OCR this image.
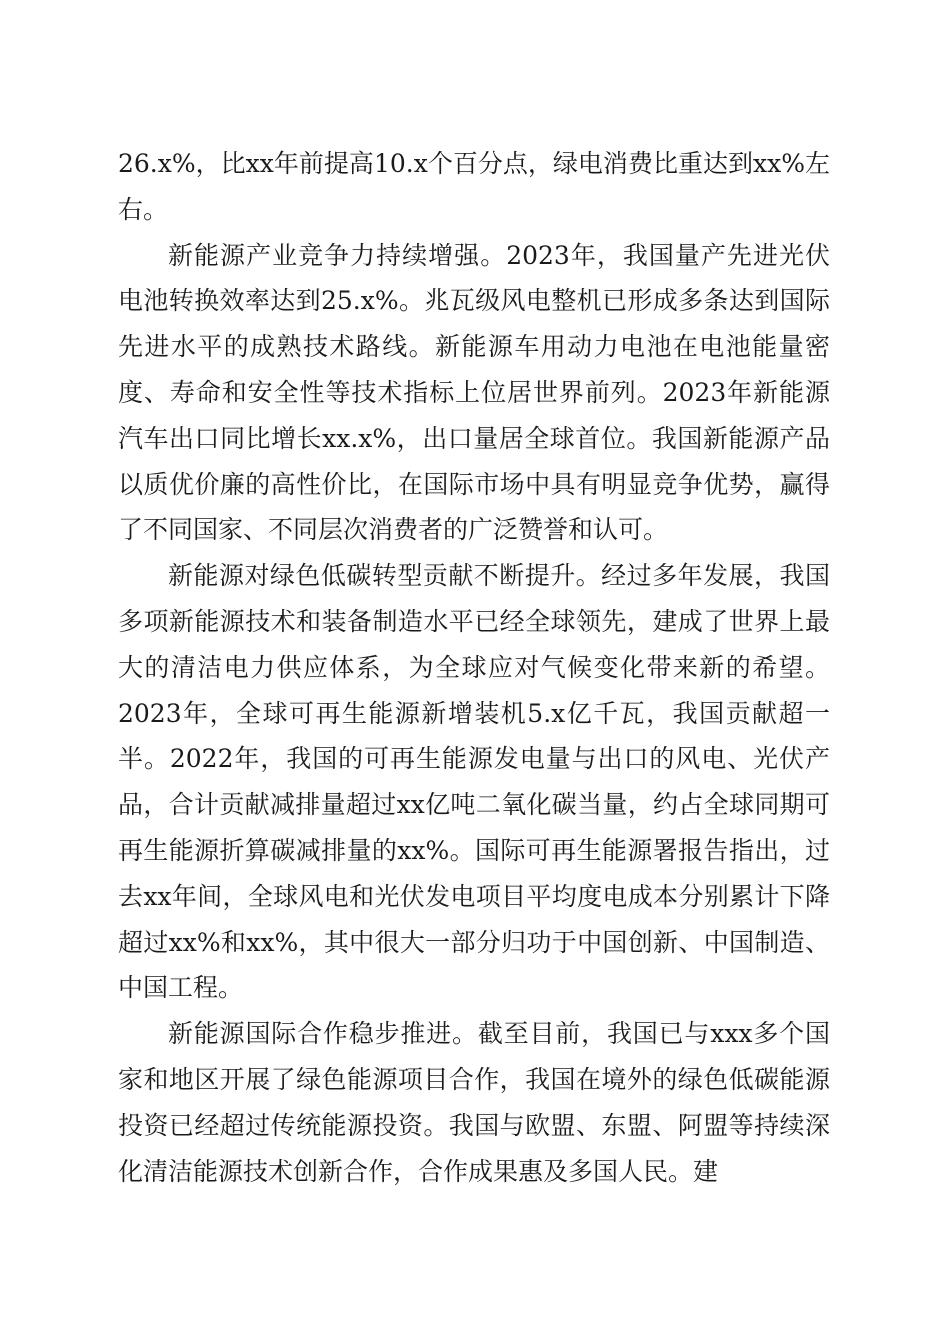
26.x%，比xx年前提高10.x个百分点，绿电消费比重达到xx%左右。

新能源产业竞争力持续增强。2023年，我国量产先进光伏电池转换效率达到25.x%。兆瓦级风电整机已形成多条达到国际先进水平的成熟技术路线。新能源车用动力电池在电池能量密度、寿命和安全性等技术指标上位居世界前列。2023年新能源汽车出口同比增长xx.x%，出口量居全球首位。我国新能源产品以质优价廉的高性价比，在国际市场中具有明显竞争优势，赢得了不同国家、不同层次消费者的广泛赞誉和认可。

新能源对绿色低碳转型贡献不断提升。经过多年发展，我国多项新能源技术和装备制造水平已经全球领先，建成了世界上最大的清洁电力供应体系，为全球应对气候变化带来新的希望。2023年，全球可再生能源新增装机5.x亿千瓦，我国贡献超一半。2022年，我国的可再生能源发电量与出口的风电、光伏产品，合计贡献减排量超过xx亿吨二氧化碳当量，约占全球同期可再生能源折算碳减排量的xx%。国际可再生能源署报告指出，过去xx年间，全球风电和光伏发电项目平均度电成本分别累计下降超过xx%和xx%，其中很大一部分归功于中国创新、中国制造、中国工程。

新能源国际合作稳步推进。截至目前，我国已与xxx多个国家和地区开展了绿色能源项目合作，我国在境外的绿色低碳能源投资已经超过传统能源投资。我国与欧盟、东盟、阿盟等持续深化清洁能源技术创新合作，合作成果惠及多国人民。建
